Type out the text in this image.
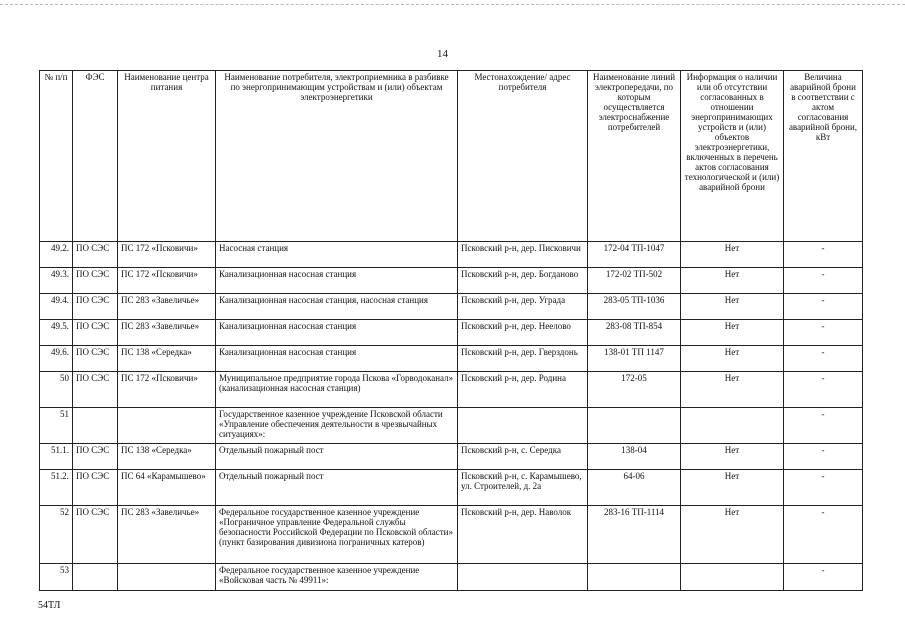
14
№ п/п	ФЭС	Наименование центра питания	Наименование потребителя, электроприемника в разбивке по энергопринимающим устройствам и (или) объектам электроэнергетики	Местонахождение/ адрес потребителя	Наименование линий электропередачи, по которым осуществляется электроснабжение потребителей	Информация о наличии или об отсутствии согласованных в отношении энергопринимающих устройств и (или) объектов электроэнергетики, включенных в перечень актов согласования технологической и (или) аварийной брони	Величина аварийной брони в соответствии с актом согласования аварийной брони, кВт
49.2.	ПО СЭС	ПС 172 «Псковичи»	Насосная станция	Псковский р-н, дер. Писковичи	172-04 ТП-1047	Нет	-
49.3.	ПО СЭС	ПС 172 «Псковичи»	Канализационная насосная станция	Псковский р-н, дер. Богданово	172-02 ТП-502	Нет	-
49.4.	ПО СЭС	ПС 283 «Завеличье»	Канализационная насосная станция, насосная станция	Псковский р-н, дер. Уграда	283-05 ТП-1036	Нет	-
49.5.	ПО СЭС	ПС 283 «Завеличье»	Канализационная насосная станция	Псковский р-н, дер. Неелово	283-08 ТП-854	Нет	-
49.6.	ПО СЭС	ПС 138 «Середка»	Канализационная насосная станция	Псковский р-н, дер. Гверздонь	138-01 ТП 1147	Нет	-
50	ПО СЭС	ПС 172 «Псковичи»	Муниципальное предприятие города Пскова «Горводоканал» (канализационная насосная станция)	Псковский р-н, дер. Родина	172-05	Нет	-
51			Государственное казенное учреждение Псковской области «Управление обеспечения деятельности в чрезвычайных ситуациях»:				-
51.1.	ПО СЭС	ПС 138 «Середка»	Отдельный пожарный пост	Псковский р-н, с. Середка	138-04	Нет	-
51.2.	ПО СЭС	ПС 64 «Карамышево»	Отдельный пожарный пост	Псковский р-н, с. Карамышево, ул. Строителей, д. 2а	64-06	Нет	-
52	ПО СЭС	ПС 283 «Завеличье»	Федеральное государственное казенное учреждение «Пограничное управление Федеральной службы безопасности Российской Федерации по Псковской области» (пункт базирования дивизиона пограничных катеров)	Псковский р-н, дер. Наволок	283-16 ТП-1114	Нет	-
53			Федеральное государственное казенное учреждение «Войсковая часть № 49911»:				-
54ТЛ
